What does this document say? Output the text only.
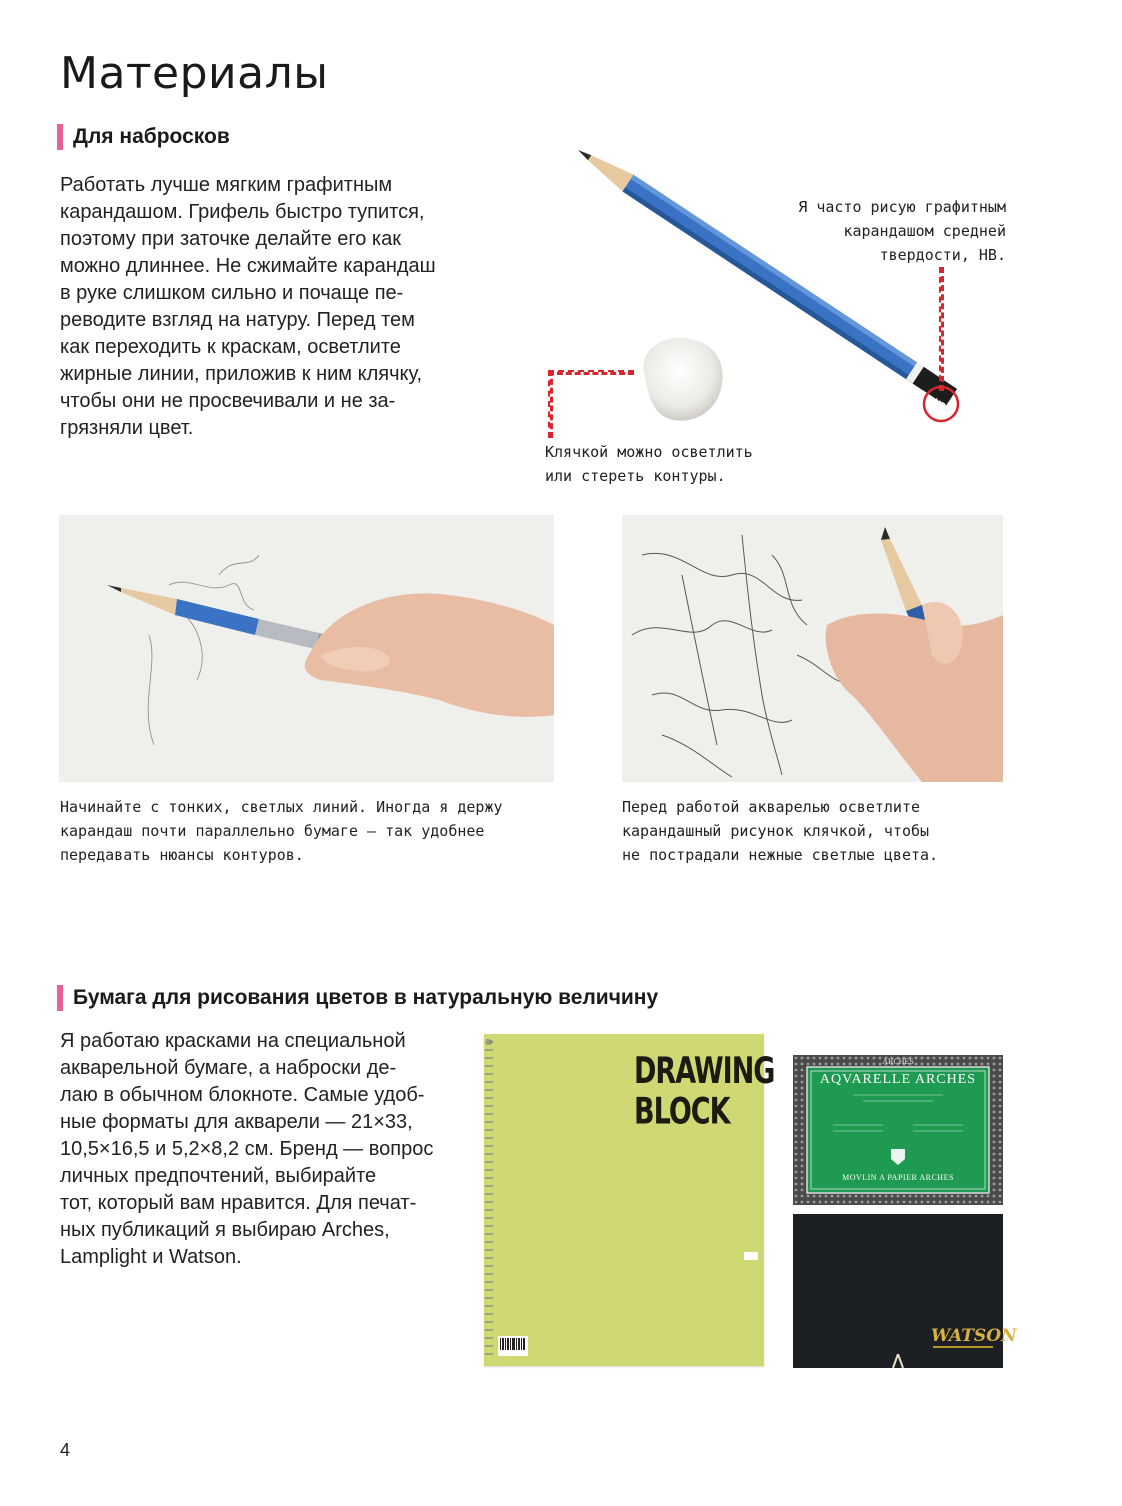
Материалы
Для набросков
Работать лучше мягким графитным
карандашом. Грифель быстро тупится,
поэтому при заточке делайте его как
можно длиннее. Не сжимайте карандаш
в руке слишком сильно и почаще пе-
реводите взгляд на натуру. Перед тем
как переходить к краскам, осветлите
жирные линии, приложив к ним клячку,
чтобы они не просвечивали и не за-
грязняли цвет.
HB
Я часто рисую графитным
карандашом средней
твердости, HB.
Клячкой можно осветлить
или стереть контуры.
Начинайте с тонких, светлых линий. Иногда я держу
карандаш почти параллельно бумаге — так удобнее
передавать нюансы контуров.
Перед работой акварелью осветлите
карандашный рисунок клячкой, чтобы
не пострадали нежные светлые цвета.
Бумага для рисования цветов в натуральную величину
Я работаю красками на специальной
акварельной бумаге, а наброски де-
лаю в обычном блокноте. Самые удоб-
ные форматы для акварели — 21×33,
10,5×16,5 и 5,2×8,2 см. Бренд — вопрос
личных предпочтений, выбирайте
тот, который вам нравится. Для печат-
ных публикаций я выбираю Arches,
Lamplight и Watson.
DRAWING
BLOCK
ARCHES
AQVARELLE ARCHES
MOVLIN A PAPIER ARCHES
WATSON
4
